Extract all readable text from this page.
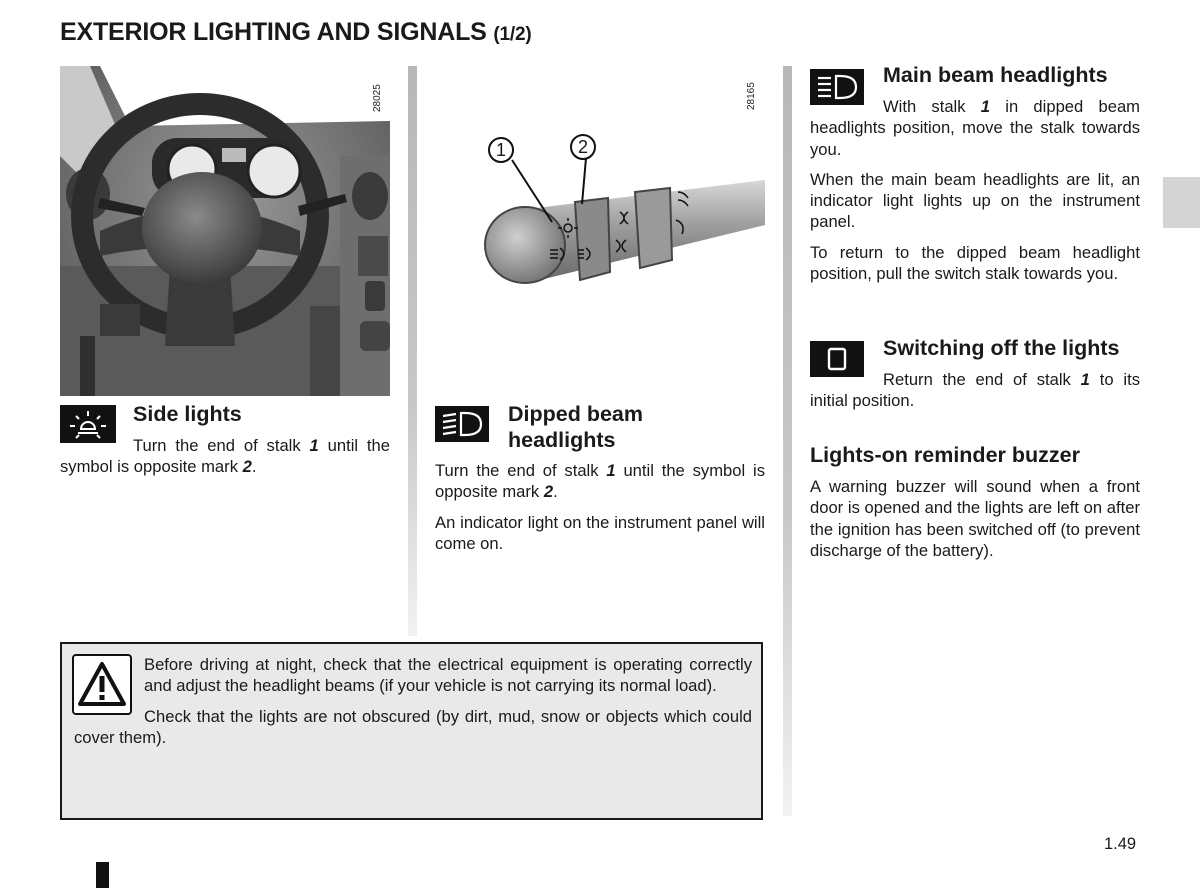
EXTERIOR LIGHTING AND SIGNALS (1/2)
28025
1	2
28165
Side lights
Turn the end of stalk 1 until the symbol is opposite mark 2.
Dipped beam
headlights

Turn the end of stalk 1 until the symbol is opposite mark 2.

An indicator light on the instrument panel will come on.

Main beam headlights

With stalk 1 in dipped beam headlights position, move the stalk towards you.

When the main beam headlights are lit, an indicator light lights up on the instrument panel.

To return to the dipped beam headlight position, pull the switch stalk towards you.

Switching off the lights
Return the end of stalk 1 to its initial position.
Lights-on reminder buzzer
A warning buzzer will sound when a front door is opened and the lights are left on after the ignition has been switched off (to prevent discharge of the battery).

Before driving at night, check that the electrical equipment is operating correctly and adjust the headlight beams (if your vehicle is not carrying its normal load).

Check that the lights are not obscured (by dirt, mud, snow or objects which could cover them).

1.49
